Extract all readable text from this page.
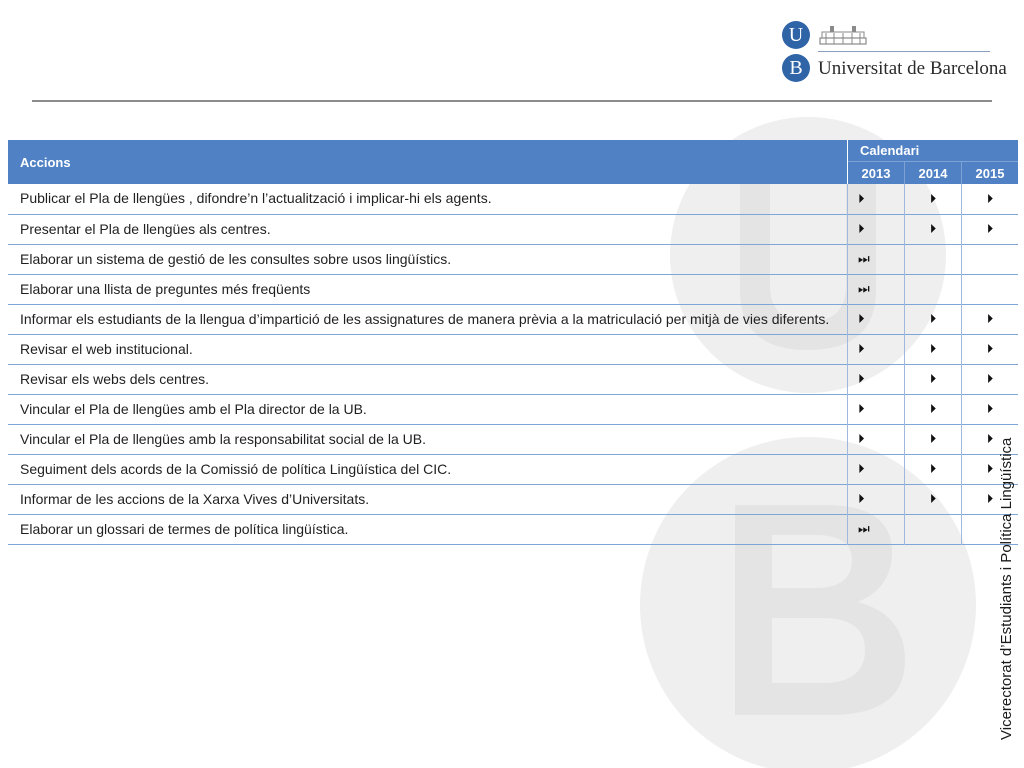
U
B Universitat de Barcelona
Accions	Calendari		
	2013	2014	2015
Publicar el Pla de llengües , difondre’n l’actualització i implicar-hi els agents.	⏵	⏵	⏵
Presentar el Pla de llengües als centres.	⏵	⏵	⏵
Elaborar un sistema de gestió de les consultes sobre usos lingüístics.	⏭		
Elaborar una llista de preguntes més freqüents	⏭		
Informar els estudiants de la llengua d’impartició de les assignatures de manera prèvia a la matriculació per mitjà de vies diferents.	⏵	⏵	⏵
Revisar el web institucional.	⏵	⏵	⏵
Revisar els webs dels centres.	⏵	⏵	⏵
Vincular el Pla de llengües amb el Pla director de la UB.	⏵	⏵	⏵
Vincular el Pla de llengües amb la responsabilitat social de la UB.	⏵	⏵	⏵
Seguiment dels acords de la Comissió de política Lingüística del CIC.	⏵	⏵	⏵
Informar de les accions de la Xarxa Vives d’Universitats.	⏵	⏵	⏵
Elaborar un glossari de termes de política lingüística.	⏭			Vicerectorat d’Estudiants i Política Lingüística
